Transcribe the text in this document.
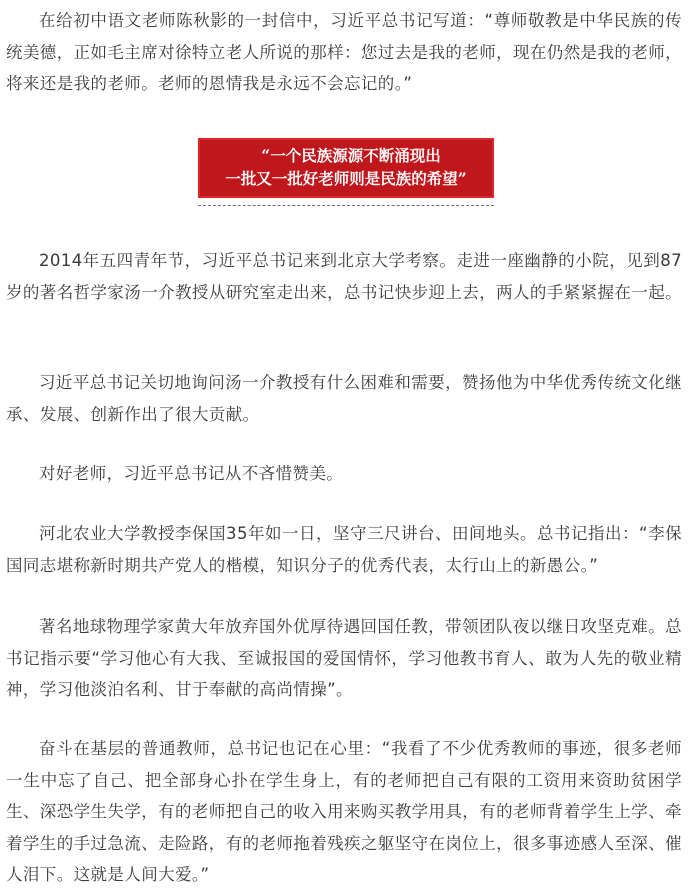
在给初中语文老师陈秋影的一封信中，习近平总书记写道：“尊师敬教是中华民族的传统美德，正如毛主席对徐特立老人所说的那样：您过去是我的老师，现在仍然是我的老师，将来还是我的老师。老师的恩情我是永远不会忘记的。”

“一个民族源源不断涌现出
一批又一批好老师则是民族的希望”

2014年五四青年节，习近平总书记来到北京大学考察。走进一座幽静的小院，见到87岁的著名哲学家汤一介教授从研究室走出来，总书记快步迎上去，两人的手紧紧握在一起。

习近平总书记关切地询问汤一介教授有什么困难和需要，赞扬他为中华优秀传统文化继承、发展、创新作出了很大贡献。

对好老师，习近平总书记从不吝惜赞美。

河北农业大学教授李保国35年如一日，坚守三尺讲台、田间地头。总书记指出：“李保国同志堪称新时期共产党人的楷模，知识分子的优秀代表，太行山上的新愚公。”

著名地球物理学家黄大年放弃国外优厚待遇回国任教，带领团队夜以继日攻坚克难。总书记指示要“学习他心有大我、至诚报国的爱国情怀，学习他教书育人、敢为人先的敬业精神，学习他淡泊名利、甘于奉献的高尚情操”。

奋斗在基层的普通教师，总书记也记在心里：“我看了不少优秀教师的事迹，很多老师一生中忘了自己、把全部身心扑在学生身上，有的老师把自己有限的工资用来资助贫困学生、深恐学生失学，有的老师把自己的收入用来购买教学用具，有的老师背着学生上学、牵着学生的手过急流、走险路，有的老师拖着残疾之躯坚守在岗位上，很多事迹感人至深、催人泪下。这就是人间大爱。”
